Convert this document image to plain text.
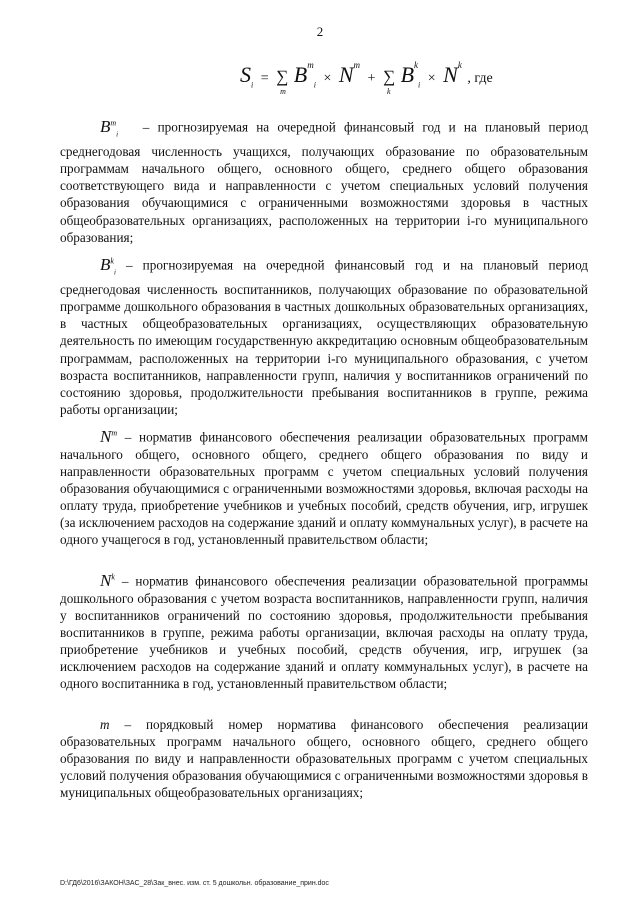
2
$S_i$ = ∑
m
$B^m_i \times N^m$ + ∑
k
$B^k_i \times N^k$ , где

$B^m_i$ – прогнозируемая на очередной финансовый год и на плановый период среднегодовая численность учащихся, получающих образование по образовательным программам начального общего, основного общего, среднего общего образования соответствующего вида и направленности с учетом специальных условий получения образования обучающимися с ограниченными возможностями здоровья в частных общеобразовательных организациях, расположенных на территории i-го муниципального образования;

$B^k_i$ – прогнозируемая на очередной финансовый год и на плановый период среднегодовая численность воспитанников, получающих образование по образовательной программе дошкольного образования в частных дошкольных образовательных организациях, в частных общеобразовательных организациях, осуществляющих образовательную деятельность по имеющим государственную аккредитацию основным общеобразовательным программам, расположенных на территории i-го муниципального образования, с учетом возраста воспитанников, направленности групп, наличия у воспитанников ограничений по состоянию здоровья, продолжительности пребывания воспитанников в группе, режима работы организации;

$N^m$ – норматив финансового обеспечения реализации образовательных программ начального общего, основного общего, среднего общего образования по виду и направленности образовательных программ с учетом специальных условий получения образования обучающимися с ограниченными возможностями здоровья, включая расходы на оплату труда, приобретение учебников и учебных пособий, средств обучения, игр, игрушек (за исключением расходов на содержание зданий и оплату коммунальных услуг), в расчете на одного учащегося в год, установленный правительством области;

$N^k$ – норматив финансового обеспечения реализации образовательной программы дошкольного образования с учетом возраста воспитанников, направленности групп, наличия у воспитанников ограничений по состоянию здоровья, продолжительности пребывания воспитанников в группе, режима работы организации, включая расходы на оплату труда, приобретение учебников и учебных пособий, средств обучения, игр, игрушек (за исключением расходов на содержание зданий и оплату коммунальных услуг), в расчете на одного воспитанника в год, установленный правительством области;

m – порядковый номер норматива финансового обеспечения реализации образовательных программ начального общего, основного общего, среднего общего образования по виду и направленности образовательных программ с учетом специальных условий получения образования обучающимися с ограниченными возможностями здоровья в муниципальных общеобразовательных организациях;

D:\ГД6\2016\ЗАКОН\ЗАС_28\Зак_внес. изм. ст. 5 дошкольн. образование_прин.doc
